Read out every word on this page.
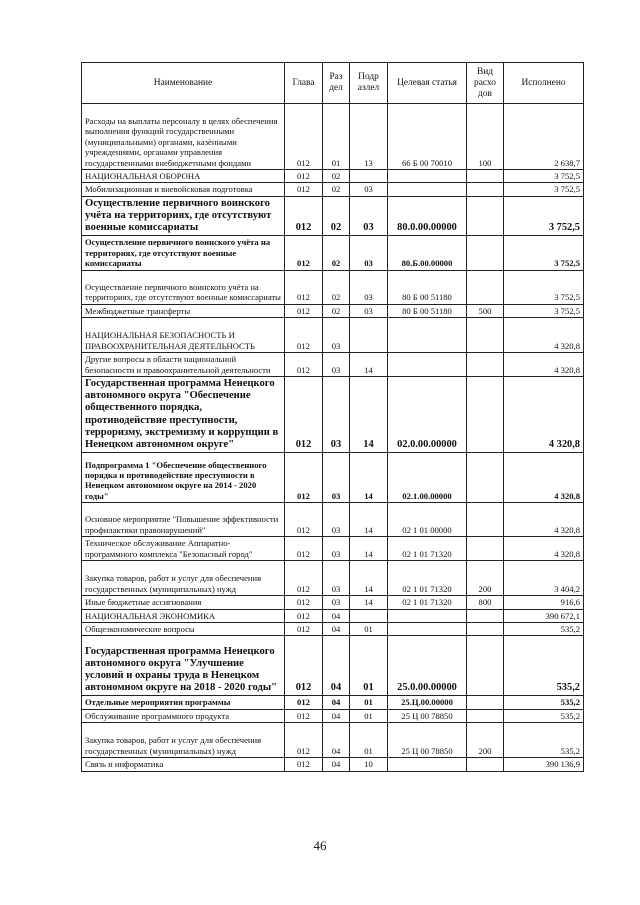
Наименование	Глава	Раз дел	Подр азлел	Целевая статья	Вид расхо дов	Исполнено
Расходы на выплаты персоналу в целях обеспечения выполнения функций государственными (муниципальными) органами, казёнными учреждениями, органами управления государственными внебюджетными фондами	012	01	13	66 Б 00 70010	100	2 638,7
НАЦИОНАЛЬНАЯ ОБОРОНА	012	02				3 752,5
Мобилизационная и вневойсковая подготовка	012	02	03			3 752,5
Осуществление первичного воинского учёта на территориях, где отсутствуют военные комиссариаты	012	02	03	80.0.00.00000		3 752,5
Осуществление первичного воинского учёта на территориях, где отсутствуют военные комиссариаты	012	02	03	80.Б.00.00000		3 752,5
Осуществление первичного воинского учёта на территориях, где отсутствуют военные комиссариаты	012	02	03	80 Б 00 51180		3 752,5
Межбюджетные трансферты	012	02	03	80 Б 00 51180	500	3 752,5
НАЦИОНАЛЬНАЯ БЕЗОПАСНОСТЬ И ПРАВООХРАНИТЕЛЬНАЯ ДЕЯТЕЛЬНОСТЬ	012	03				4 320,8
Другие вопросы в области национальной безопасности и правоохранительной деятельности	012	03	14			4 320,8
Государственная программа Ненецкого автономного округа "Обеспечение общественного порядка, противодействие преступности, терроризму, экстремизму и коррупции в Ненецком автономном округе"	012	03	14	02.0.00.00000		4 320,8
Подпрограмма 1 "Обеспечение общественного порядка и противодействие преступности в Ненецком автономном округе на 2014 - 2020 годы"	012	03	14	02.1.00.00000		4 320,8
Основное мероприятие "Повышение эффективности профилактики правонарушений"	012	03	14	02 1 01 00000		4 320,8
Техническое обслуживание Аппаратно-программного комплекса "Безопасный город"	012	03	14	02 1 01 71320		4 320,8
Закупка товаров, работ и услуг для обеспечения государственных (муниципальных) нужд	012	03	14	02 1 01 71320	200	3 404,2
Иные бюджетные ассигнования	012	03	14	02 1 01 71320	800	916,6
НАЦИОНАЛЬНАЯ ЭКОНОМИКА	012	04				390 672,1
Общеэкономические вопросы	012	04	01			535,2
Государственная программа Ненецкого автономного округа "Улучшение условий и охраны труда в Ненецком автономном округе на 2018 - 2020 годы"	012	04	01	25.0.00.00000		535,2
Отдельные мероприятия программы	012	04	01	25.Ц.00.00000		535,2
Обслуживание программного продукта	012	04	01	25 Ц 00 78850		535,2
Закупка товаров, работ и услуг для обеспечения государственных (муниципальных) нужд	012	04	01	25 Ц 00 78850	200	535,2
Связь и информатика	012	04	10			390 136,9
46
